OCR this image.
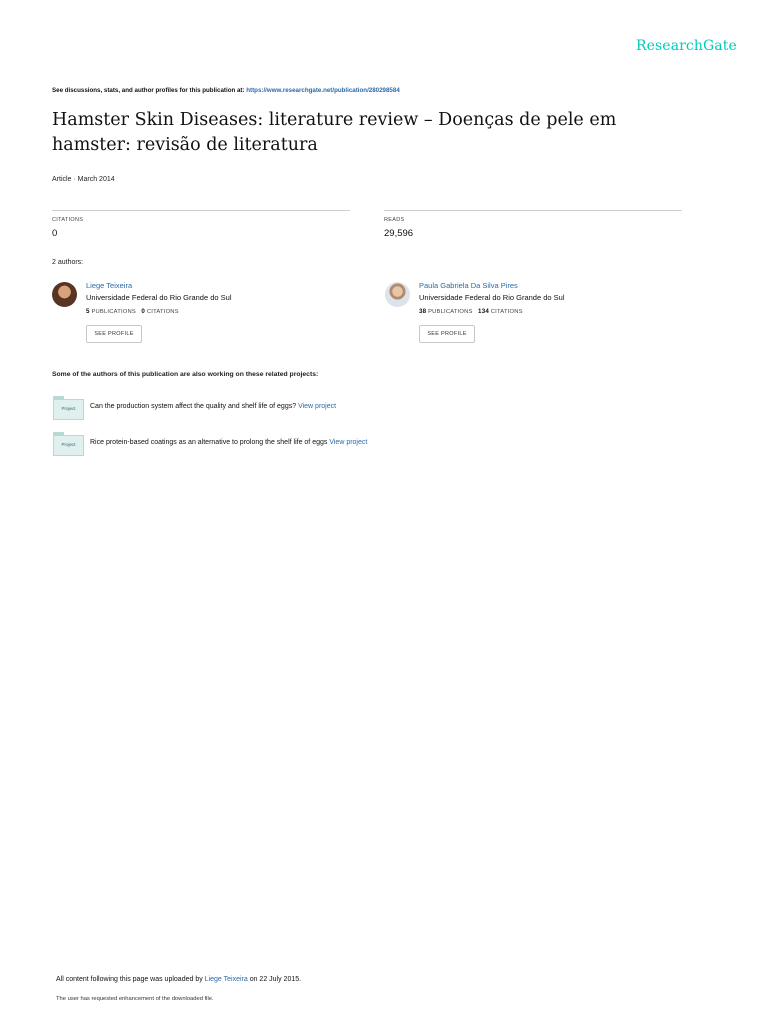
ResearchGate
See discussions, stats, and author profiles for this publication at: https://www.researchgate.net/publication/280298584
Hamster Skin Diseases: literature review – Doenças de pele em hamster: revisão de literatura
Article · March 2014
CITATIONS
0
READS
29,596
2 authors:
Liege Teixeira
Universidade Federal do Rio Grande do Sul
5 PUBLICATIONS 0 CITATIONS
SEE PROFILE
Paula Gabriela Da Silva Pires
Universidade Federal do Rio Grande do Sul
38 PUBLICATIONS 134 CITATIONS
SEE PROFILE
Some of the authors of this publication are also working on these related projects:
Project	Can the production system affect the quality and shelf life of eggs? View project
Project	Rice protein-based coatings as an alternative to prolong the shelf life of eggs View project
All content following this page was uploaded by Liege Teixeira on 22 July 2015.
The user has requested enhancement of the downloaded file.
